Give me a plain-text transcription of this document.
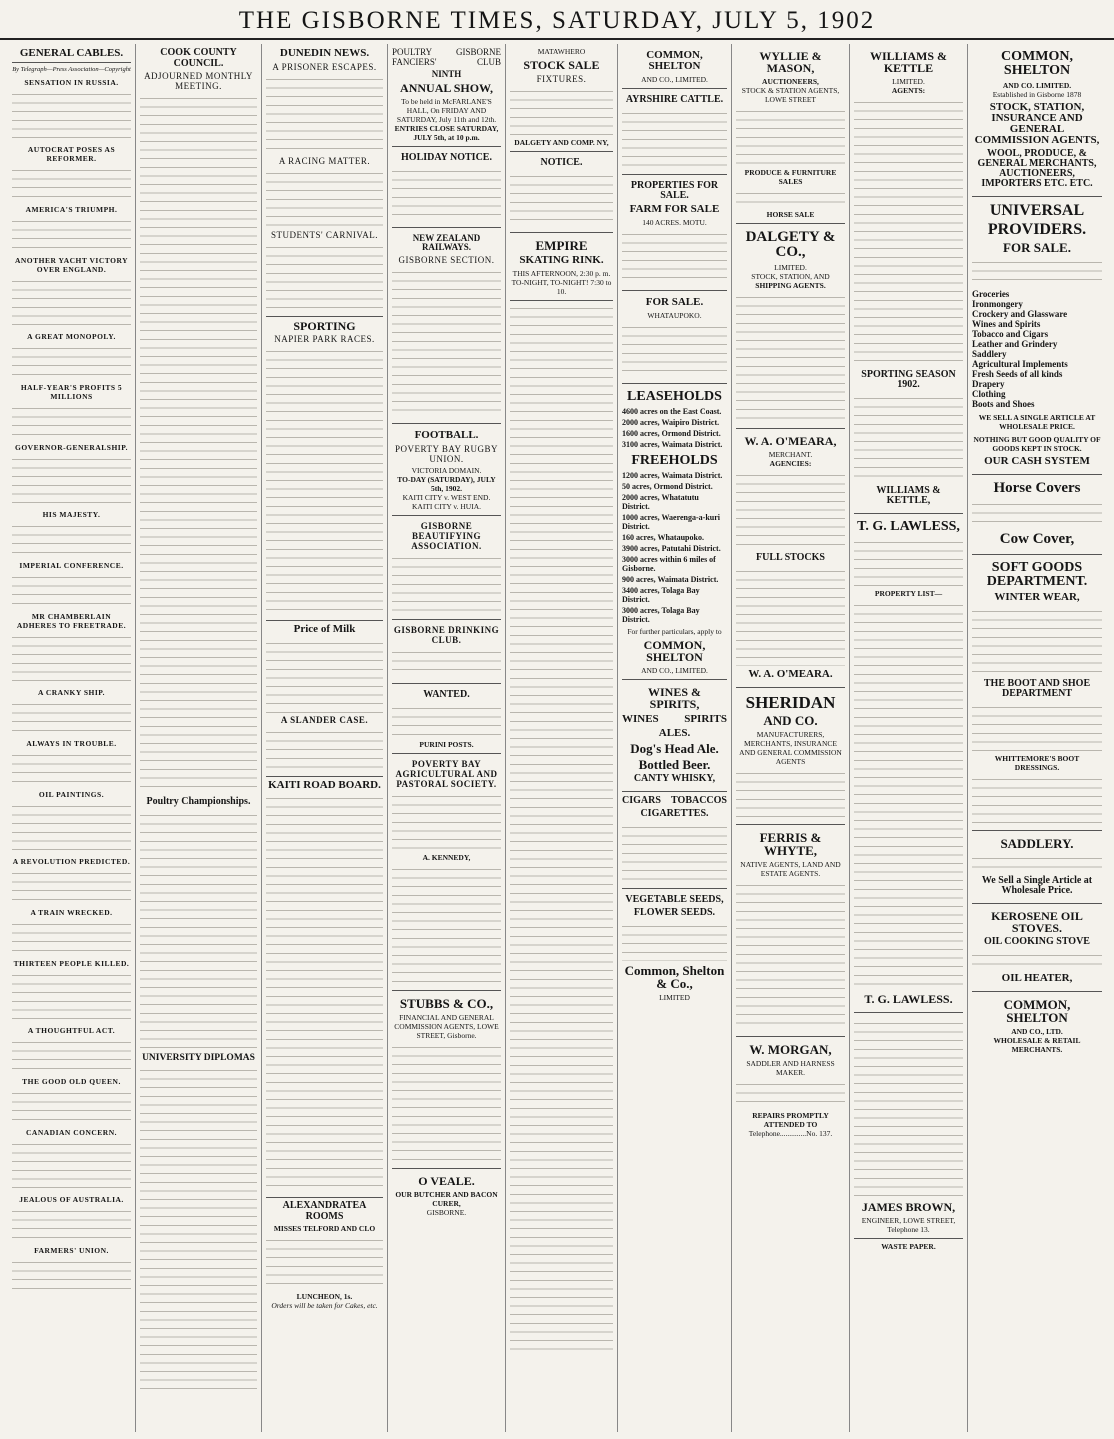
THE GISBORNE TIMES, SATURDAY, JULY 5, 1902
GENERAL CABLES.
By Telegraph—Press Association—Copyright
SENSATION IN RUSSIA.
AUTOCRAT POSES AS REFORMER.
AMERICA'S TRIUMPH.
ANOTHER YACHT VICTORY OVER ENGLAND.
A GREAT MONOPOLY.
HALF-YEAR'S PROFITS 5 MILLIONS
GOVERNOR-GENERALSHIP.
HIS MAJESTY.
IMPERIAL CONFERENCE.
MR CHAMBERLAIN ADHERES TO FREETRADE.
A CRANKY SHIP.
ALWAYS IN TROUBLE.
OIL PAINTINGS.
A REVOLUTION PREDICTED.
A TRAIN WRECKED.
THIRTEEN PEOPLE KILLED.
A THOUGHTFUL ACT.
THE GOOD OLD QUEEN.
CANADIAN CONCERN.
JEALOUS OF AUSTRALIA.
FARMERS' UNION.
COOK COUNTY COUNCIL.
ADJOURNED MONTHLY MEETING.
Poultry Championships.
UNIVERSITY DIPLOMAS
DUNEDIN NEWS.
A PRISONER ESCAPES.
A RACING MATTER.
STUDENTS' CARNIVAL.
SPORTING
NAPIER PARK RACES.
Price of Milk
A SLANDER CASE.
KAITI ROAD BOARD.
ALEXANDRATEA ROOMS
MISSES TELFORD AND CLO
LUNCHEON, 1s.
Orders will be taken for Cakes, etc.
POULTRY	GISBORNE
FANCIERS'	CLUB
NINTH
ANNUAL SHOW,
To be held in McFARLANE'S HALL, On FRIDAY AND SATURDAY, July 11th and 12th.
ENTRIES CLOSE SATURDAY, JULY 5th, at 10 p.m.
HOLIDAY NOTICE.
NEW ZEALAND RAILWAYS.
GISBORNE SECTION.
FOOTBALL.
POVERTY BAY RUGBY UNION.
VICTORIA DOMAIN.
TO-DAY (SATURDAY), JULY 5th, 1902.
KAITI CITY v. WEST END.
KAITI CITY v. HUIA.
GISBORNE BEAUTIFYING ASSOCIATION.
GISBORNE DRINKING CLUB.
WANTED.
PURINI POSTS.
POVERTY BAY AGRICULTURAL AND PASTORAL SOCIETY.
A. KENNEDY,
STUBBS & CO.,
FINANCIAL AND GENERAL COMMISSION AGENTS, LOWE STREET, Gisborne.
O VEALE.
OUR BUTCHER AND BACON CURER,
GISBORNE.
MATAWHERO
STOCK SALE
FIXTURES.
DALGETY AND COMP. NY,
NOTICE.
EMPIRE
SKATING RINK.
THIS AFTERNOON, 2:30 p. m.
TO-NIGHT, TO-NIGHT! 7:30 to 10.
COMMON, SHELTON
AND CO., LIMITED.
AYRSHIRE CATTLE.
PROPERTIES FOR SALE.
FARM FOR SALE
140 ACRES. MOTU.
FOR SALE.
WHATAUPOKO.
LEASEHOLDS
4600 acres on the East Coast.
2000 acres, Waipiro District.
1600 acres, Ormond District.
3100 acres, Waimata District.
FREEHOLDS
1200 acres, Waimata District.
50 acres, Ormond District.
2000 acres, Whatatutu District.
1000 acres, Waerenga-a-kuri District.
160 acres, Whataupoko.
3900 acres, Patutahi District.
3000 acres within 6 miles of Gisborne.
900 acres, Waimata District.
3400 acres, Tolaga Bay District.
3000 acres, Tolaga Bay District.
For further particulars, apply to
COMMON, SHELTON
AND CO., LIMITED.
WINES & SPIRITS,
WINES SPIRITS
ALES.
Dog's Head Ale.
Bottled Beer.
CANTY WHISKY,
CIGARS TOBACCOS
CIGARETTES.
VEGETABLE SEEDS,
FLOWER SEEDS.
Common, Shelton & Co.,
LIMITED
WYLLIE & MASON,
AUCTIONEERS,
STOCK & STATION AGENTS, LOWE STREET
PRODUCE & FURNITURE SALES
HORSE SALE
DALGETY & CO.,
LIMITED.
STOCK, STATION, AND
SHIPPING AGENTS.
W. A. O'MEARA,
MERCHANT.
AGENCIES:
FULL STOCKS
W. A. O'MEARA.
SHERIDAN
AND CO.
MANUFACTURERS, MERCHANTS, INSURANCE AND GENERAL COMMISSION AGENTS
FERRIS & WHYTE,
NATIVE AGENTS, LAND AND ESTATE AGENTS.
W. MORGAN,
SADDLER AND HARNESS MAKER.
REPAIRS PROMPTLY ATTENDED TO
Telephone..............No. 137.
WILLIAMS & KETTLE
LIMITED.
AGENTS:
SPORTING SEASON 1902.
WILLIAMS & KETTLE,
T. G. LAWLESS,
PROPERTY LIST—
T. G. LAWLESS.
JAMES BROWN,
ENGINEER, LOWE STREET, Telephone 13.
WASTE PAPER.
COMMON, SHELTON
AND CO. LIMITED.
Established in Gisborne 1878
STOCK, STATION, INSURANCE AND GENERAL COMMISSION AGENTS,
WOOL, PRODUCE, & GENERAL MERCHANTS, AUCTIONEERS, IMPORTERS ETC. ETC.
UNIVERSAL
PROVIDERS.
FOR SALE.
Groceries
Ironmongery
Crockery and Glassware
Wines and Spirits
Tobacco and Cigars
Leather and Grindery
Saddlery
Agricultural Implements
Fresh Seeds of all kinds
Drapery
Clothing
Boots and Shoes
WE SELL A SINGLE ARTICLE AT WHOLESALE PRICE.
NOTHING BUT GOOD QUALITY OF GOODS KEPT IN STOCK.
OUR CASH SYSTEM
Horse Covers
Cow Cover,
SOFT GOODS DEPARTMENT.
WINTER WEAR,
THE BOOT AND SHOE DEPARTMENT
WHITTEMORE'S BOOT DRESSINGS.
SADDLERY.
We Sell a Single Article at Wholesale Price.
KEROSENE OIL STOVES.
OIL COOKING STOVE
OIL HEATER,
COMMON, SHELTON
AND CO., LTD.
WHOLESALE & RETAIL MERCHANTS.
